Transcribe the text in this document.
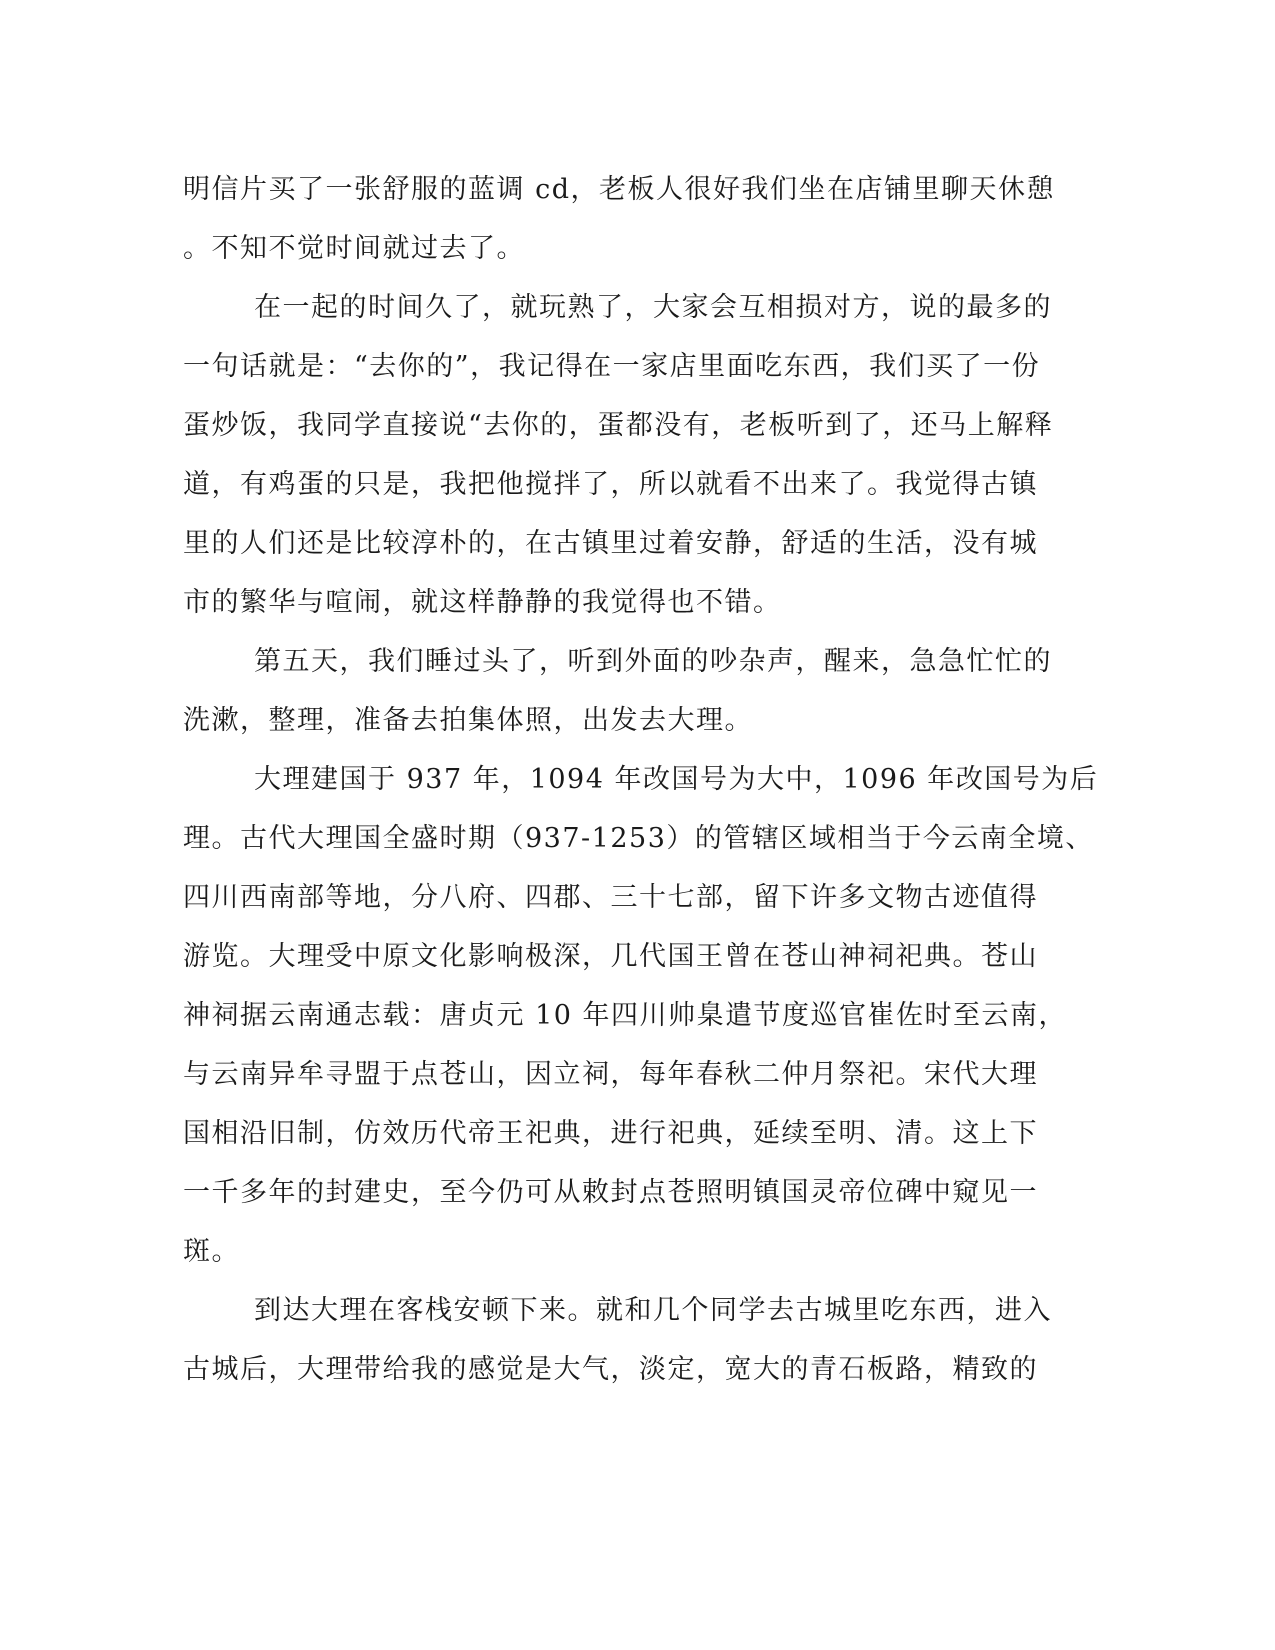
明信片买了一张舒服的蓝调 cd，老板人很好我们坐在店铺里聊天休憩
。不知不觉时间就过去了。
在一起的时间久了，就玩熟了，大家会互相损对方，说的最多的
一句话就是：“去你的”，我记得在一家店里面吃东西，我们买了一份
蛋炒饭，我同学直接说“去你的，蛋都没有，老板听到了，还马上解释
道，有鸡蛋的只是，我把他搅拌了，所以就看不出来了。我觉得古镇
里的人们还是比较淳朴的，在古镇里过着安静，舒适的生活，没有城
市的繁华与喧闹，就这样静静的我觉得也不错。
第五天，我们睡过头了，听到外面的吵杂声，醒来，急急忙忙的
洗漱，整理，准备去拍集体照，出发去大理。
大理建国于 937 年，1094 年改国号为大中，1096 年改国号为后
理。古代大理国全盛时期（937-1253）的管辖区域相当于今云南全境、
四川西南部等地，分八府、四郡、三十七部，留下许多文物古迹值得
游览。大理受中原文化影响极深，几代国王曾在苍山神祠祀典。苍山
神祠据云南通志载：唐贞元 10 年四川帅臬遣节度巡官崔佐时至云南，
与云南异牟寻盟于点苍山，因立祠，每年春秋二仲月祭祀。宋代大理
国相沿旧制，仿效历代帝王祀典，进行祀典，延续至明、清。这上下
一千多年的封建史，至今仍可从敕封点苍照明镇国灵帝位碑中窥见一
斑。
到达大理在客栈安顿下来。就和几个同学去古城里吃东西，进入
古城后，大理带给我的感觉是大气，淡定，宽大的青石板路，精致的
